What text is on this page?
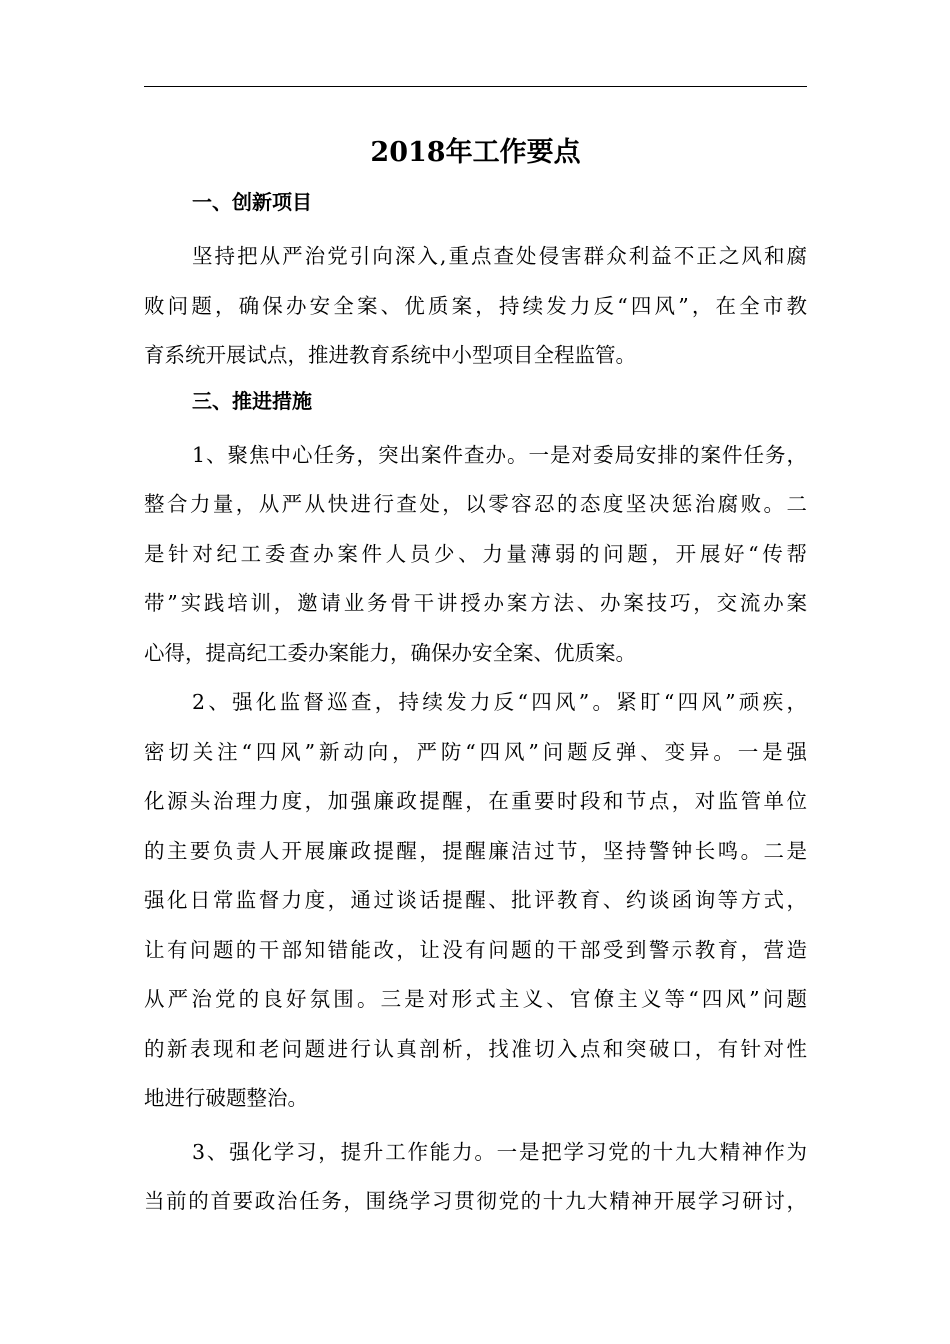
2018年工作要点
一、创新项目
坚持把从严治党引向深入,重点查处侵害群众利益不正之风和腐
败问题，确保办安全案、优质案，持续发力反“四风”，在全市教
育系统开展试点，推进教育系统中小型项目全程监管。
三、推进措施
1、聚焦中心任务，突出案件查办。一是对委局安排的案件任务，
整合力量，从严从快进行查处，以零容忍的态度坚决惩治腐败。二
是针对纪工委查办案件人员少、力量薄弱的问题，开展好“传帮
带”实践培训，邀请业务骨干讲授办案方法、办案技巧，交流办案
心得，提高纪工委办案能力，确保办安全案、优质案。
2、强化监督巡查，持续发力反“四风”。紧盯“四风”顽疾，
密切关注“四风”新动向，严防“四风”问题反弹、变异。一是强
化源头治理力度，加强廉政提醒，在重要时段和节点，对监管单位
的主要负责人开展廉政提醒，提醒廉洁过节，坚持警钟长鸣。二是
强化日常监督力度，通过谈话提醒、批评教育、约谈函询等方式，
让有问题的干部知错能改，让没有问题的干部受到警示教育，营造
从严治党的良好氛围。三是对形式主义、官僚主义等“四风”问题
的新表现和老问题进行认真剖析，找准切入点和突破口，有针对性
地进行破题整治。
3、强化学习，提升工作能力。一是把学习党的十九大精神作为
当前的首要政治任务，围绕学习贯彻党的十九大精神开展学习研讨，
